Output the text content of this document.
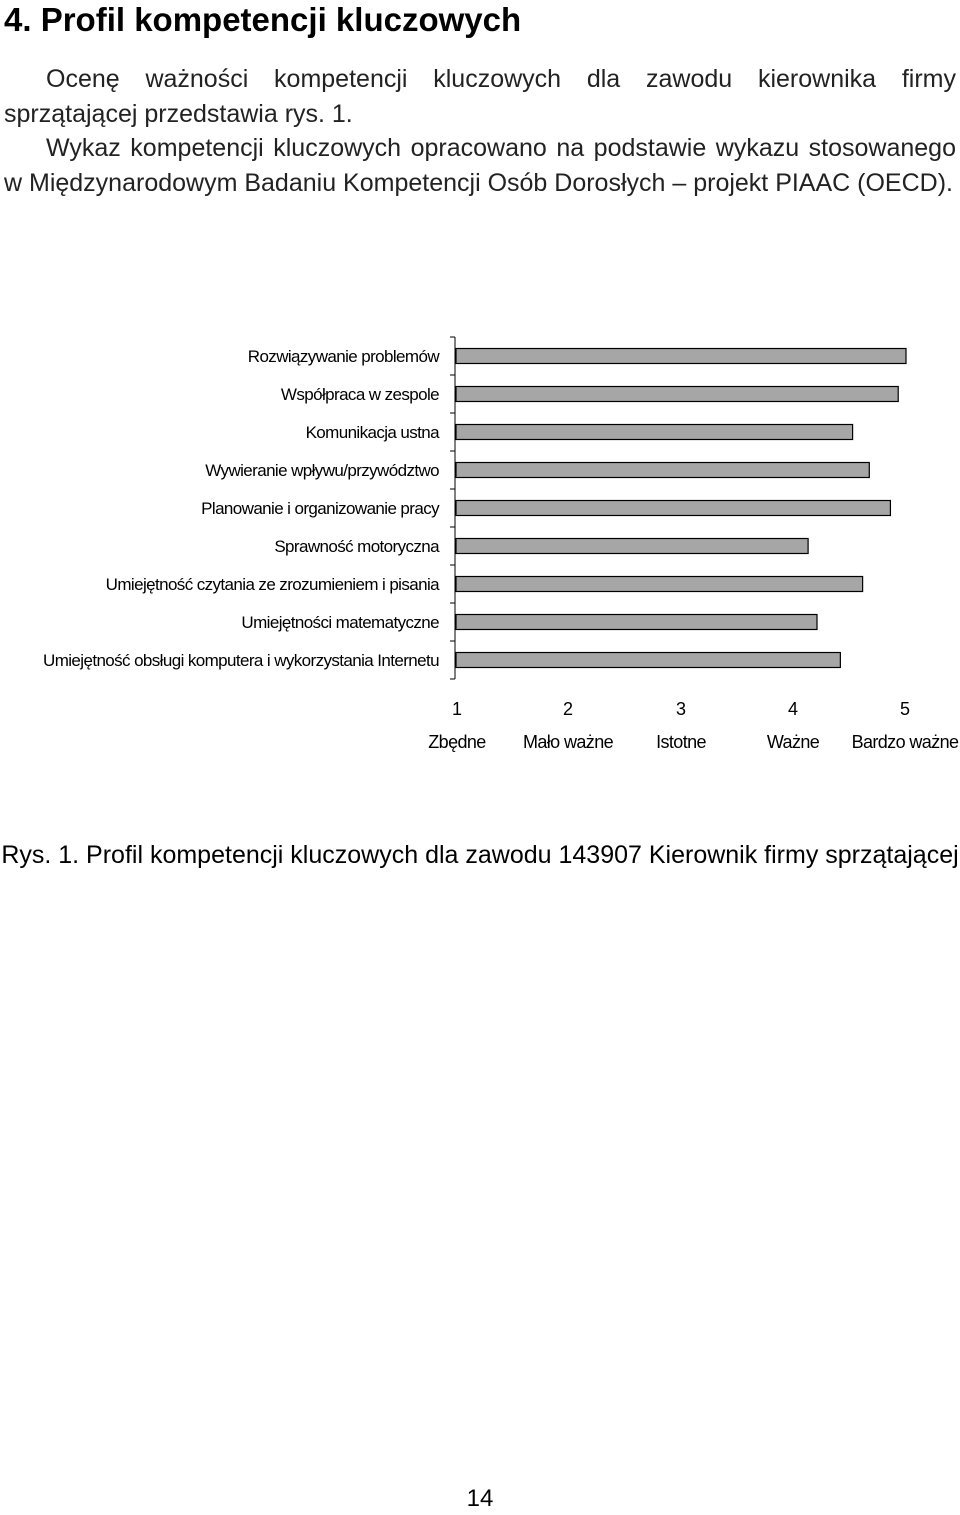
4. Profil kompetencji kluczowych

Ocenę ważności kompetencji kluczowych dla zawodu kierownika firmy sprzątającej przedstawia rys. 1.

Wykaz kompetencji kluczowych opracowano na podstawie wykazu stosowanego w Międzynarodowym Badaniu Kompetencji Osób Dorosłych – projekt PIAAC (OECD).

Rozwiązywanie problemów
Współpraca w zespole
Komunikacja ustna
Wywieranie wpływu/przywództwo
Planowanie i organizowanie pracy
Sprawność motoryczna
Umiejętność czytania ze zrozumieniem i pisania
Umiejętności matematyczne
Umiejętność obsługi komputera i wykorzystania Internetu
1
Zbędne
2
Mało ważne
3
Istotne
4
Ważne
5
Bardzo ważne

Rys. 1. Profil kompetencji kluczowych dla zawodu 143907 Kierownik firmy sprzątającej

14
